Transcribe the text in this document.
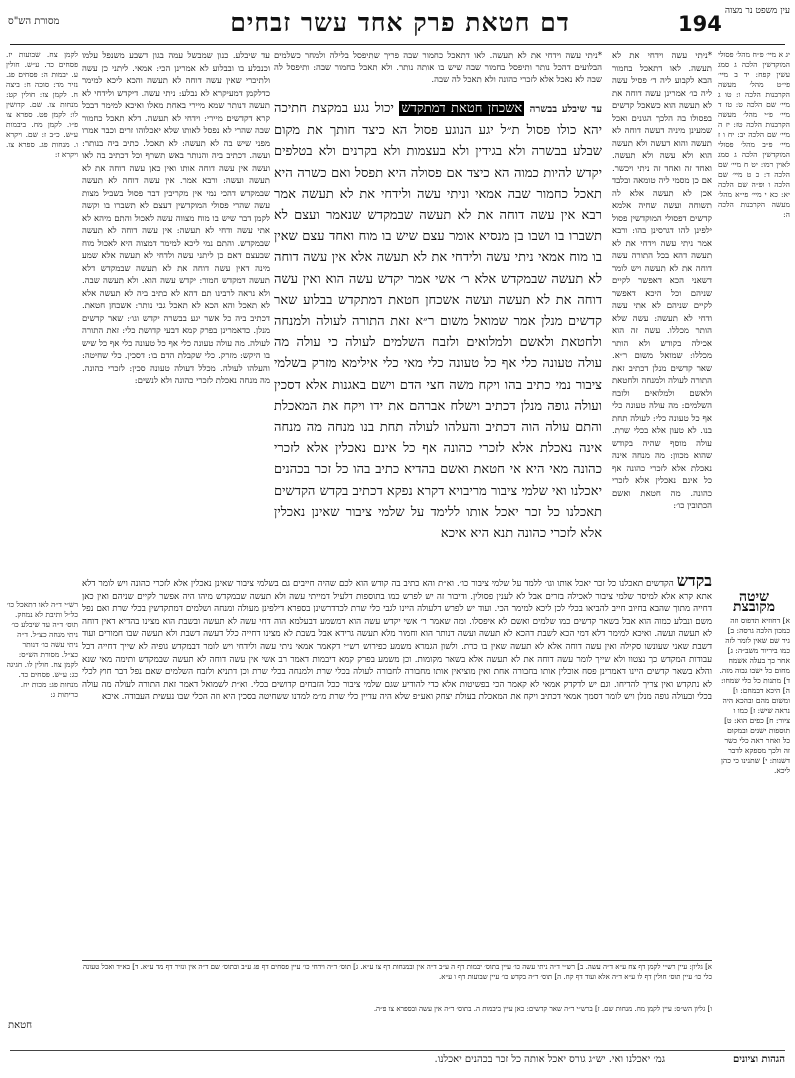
עין משפט נר מצוה
194
דם חטאת פרק אחד עשר זבחים
מסורת הש"ס
יג א מיי׳ פ״ח מהל׳ פסולי המוקדשין הלכה ג סמג עשין קפח: יד ב מיי׳ פי״ט מהל׳ מעשה הקרבנות הלכה ו: טו ג מיי׳ שם הלכה ט: טז ד מיי׳ פ״י מהל׳ מעשה הקרבנות הלכה טז: יז ה מיי׳ שם הלכה יב: יח ו ז מיי׳ פ״ב מהל׳ פסולי המוקדשין הלכה ג סמג לאוין רמו: יט ח מיי׳ שם הלכה ד: כ ט מיי׳ שם הלכה ו ופ״ה שם הלכה יא: כא י מיי׳ פי״א מהל׳ מעשה הקרבנות הלכה ה:
*ניתי עשה וידחי את לא תעשה. לאו דתאכל בחמור הבא לקבוע ליה ד׳ פסיל עשה ליה כו׳ אמרינן עשה דוחה את לא תעשה הוא כשאכל קדשים בפסולו בה הלכך הגונים ואכל שמעינן מיניה דעשה דוחה לא תעשה והוא דעשה ולא תעשה הוא ולא עשה ולא תעשה. ואחד זה ואחד זה ניתי ויכשר. אם כן מסמי ליה טומאה ובלבד אכן לא תעשה אלא לה תשוחה ועשה שחיה אלמא קדשים דפסולי המוקדשין פסול ילפינן להו דגרסינן בהו: ורבא אמר ניתי עשה וידחי את לא תעשה דהא בכל התורה עשה דוחה את לא תעשה ויש לומר דשאני הכא דאפשר לקיים שניהם וכל היכא דאפשר לקיים שניהם לא אתי עשה ודחי לא תעשה: עשה שלא הותר מכללו. עשה זה הוא אכילה בקודש ולא הותר מכללו: שמואל משום ר״א. שאר קדשים מנלן דכתיב זאת התורה לעולה ולמנחה ולחטאת ולאשם ולמלואים ולזבח השלמים: מה עולה טעונה כלי אף כל טעונה כלי: לעולה תחת בנו. לא טעון אלא בכלי שרת. עולה מוסף שהיה בקודש שהוא מכוון: מה מנחה אינה נאכלת אלא לזכרי כהונה אף כל אינם נאכלין אלא לזכרי כהונה. מה חטאת ואשם הכתובין כו׳:
*ניתי עשה וידחי את לא תעשה. לאו דתאכל כחמור שבה פריך שתיפסל בלילה ולמחר כשלמים הבלועים דהכל נותר ותיפסל בחמור שבה שיש בו אותה נותר. ולא תאכל כחמור שבה: ותיפסל לה שבה לא נאכל אלא לזכרי כהונה ולא תאכל לה שבה.
עד שיבלע בבשרה אשכחן חטאת דמתקדש יכול נגע במקצת חתיכה יהא כולו פסול ת״ל יגע הנוגע פסול הא כיצד חותך את מקום שבלע בבשרה ולא בגידין ולא בעצמות ולא בקרנים ולא בטלפים יקדש להיות כמוה הא כיצד אם פסולה היא תפסל ואם כשרה היא תאכל כחמור שבה אמאי וניתי עשה ולידחי את לא תעשה אמר רבא אין עשה דוחה את לא תעשה שבמקדש שנאמר ועצם לא תשברו בו ושבו בן מנסיא אומר עצם שיש בו מוח ואחד עצם שאין בו מוח אמאי ניתי עשה ולידחי את לא תעשה אלא אין עשה דוחה לא תעשה שבמקדש אלא ר׳ אשי אמר יקדש עשה הוא ואין עשה דוחה את לא תעשה ועשה אשכחן חטאת דמתקדש בבלוע שאר קדשים מנלן אמר שמואל משום ר״א זאת התורה לעולה ולמנחה ולחטאת ולאשם ולמלואים ולזבח השלמים לעולה כי עולה מה עולה טעונה כלי אף כל טעונה כלי מאי כלי אילימא מזרק בשלמי ציבור נמי כתיב בהו ויקח משה חצי הדם וישם באגנות אלא דסכין ועולה גופה מנלן דכתיב וישלח אברהם את ידו ויקח את המאכלת והתם עולה הוה דכתיב והעלהו לעולה תחת בנו מנחה מה מנחה אינה נאכלת אלא לזכרי כהונה אף כל אינם נאכלין אלא לזכרי כהונה מאי היא אי חטאת ואשם בהדיא כתיב בהו כל זכר בכהנים יאכלנו ואי שלמי ציבור מריבויא דקרא נפקא דכתיב בקדש הקדשים תאכלנו כל זכר יאכל אותו ללימד על שלמי ציבור שאינן נאכלין אלא לזכרי כהונה תנא היא איכא
עד שיבלע. כנון שמבשל עמה בגון דשבע משנפל עלמו וכנבלע בו ובבלוע לא אמרינן הכי: אמאי. ליתני כן עשה ולתיכרי שאין עשה דוחה לא תעשה והכא ליכא למימר כדלקמן דמעיקרא לא נבלע: ניתי עשה. דיקדש ולידחי לא תעשה דנותר שמא מיירי באחת מאלו ואיכא למימר דבכל קרא דקדשים מיירי: וידחי לא תעשה. דלא תאכל כחמור שבה שהרי לא נפסל לאותו שלא יאכלוהו זרים וכבר אמרו מפני שיש בה לא תעשה: לא תאכל. כתיב ביה בנותר: ועשה. דכתיב ביה והנותר באש תשרף וכל דכתיב בה לאו ועשה אין עשה דוחה אותו ואין כאן עשה דוחה את לא תעשה ועשה: ורבא אמר. אין עשה דוחה לא תעשה שבמקדש דהכי נמי אין מקריבין דבר פסול בשביל מצות עשה שהרי פסולי המוקדשין דעצם לא תשברו בו וקשה לקמן דבר שיש בו מוח מצווה עשה לאכול והתם מיהא לא אתי עשה ודחי לא תעשה: אין עשה דוחה לא תעשה שבמקדש. והתם נמי ליכא למימר דמצוה היא לאכול מוח שבעצם דאם כן ליתני עשה ולדחי לא תעשה אלא שמע מינה דאין עשה דוחה את לא תעשה שבמקדש דלא תעשה דמקדש חמור: יקדש עשה הוא. ולא תעשה שבה. ולא נראה לרבינו תם דהא לא כתיב ביה לא תעשה אלא לא תאכל והא הכא לא תאכל גבי נותר: אשכחן חטאת. דכתיב ביה כל אשר יגע בבשרה יקדש וגו׳: שאר קדשים מנלן. כדאמרינן בפרק קמא דבעי קדושת כלי: זאת התורה לעולה. מה עולה טעונה כלי אף כל טעונה כלי אף כל שיש בו היקש: מזרק. כלי שקבלת הדם בו: דסכין. כלי שחיטה: והעלהו לעולה. מכלל דעולה טעונה סכין: לזכרי כהונה. מה מנחה נאכלת לזכרי כהונה ולא לנשים:
לקמן צח. שבועות יז. פסחים כד. ע״ש. חולין ע. יבמות ה: פסחים פג. נזיר מד: סוכה ח: ביצה ח. לקמן צז: חולין קט: מנחות צו. שם. קדושין לו: לקמן פט. ספרא צו פ״ו. לקמן מח. ביבמות ע״ש. כ״ב ז: שם. ויקרא ו. מנחות פג. ספרא צו. ויקרא ז:
בקדש הקדשים תאכלנו כל זכר יאכל אותו וגו׳ ללמד על שלמי ציבור כו׳. וא״ת והא כתיב בה קודש הוא לכם שהיה חייבים גם בשלמי ציבור שאינן נאכלין אלא לזכרי כהונה ויש לומר דלא אתא קרא אלא למיסר שלמי ציבור לאכילה בזרים אבל לא לענין פסולין. ודיבור זה יש לפרש כמו בתוספות דלעיל דמייתי עשה ולא תעשה שבמקדש מיהו היה אפשר לקיים שניהם ואין כאן דחייה מתוך שהבא בחיוב חייב להביאו בכלי לכן ליכא למימר הכי. ועוד יש לפרש דלעולה היינו לגבי כלי שרת לכדדרשינן בספרא דילפינן מעולה ומנחה ושלמים דמתקדשין בכלי שרת ואם נפל משם ונבלע כמוה הוא אבל בשאר קדשים כמו שלמים ואשם לא איפסלו. ומה שאמר ר׳ אשי יקדש עשה הוא דמשמע דבעלמא הוה דחי עשה לא תעשה ובשבת הוא מצינו בהדיא דאין דוחה לא תעשה ועשה. ואיכא למימר דלא דמי הכא לשבת דהכא לא תעשה ועשה דנותר הוא וחמור מלא תעשה גרידא אבל בשבת לא מצינו דחייה כלל דעשה דשבת ולא תעשה שבו חמורים ועוד דשבת שאני שעונשו סקילה ואין עשה דוחה אלא לא תעשה שאין בו כרת. ולשון הגמרא משמע כפירוש רש״י דקאמר אמאי ניתי עשה ולידחי ויש לומר דבמקדש גופיה לא שייך דחייה דכל עבודות המקדש כך נצטוו ולא שייך לומר עשה דוחה את לא תעשה אלא בשאר מקומות. וכן משמע בפרק קמא דיבמות דאמר רב אשי אין עשה דוחה לא תעשה שבמקדש ותימה מאי שנא והלא בשאר קדשים היינו דאמרינן פסח אוכלין אותו בחבורה אחת ואין מוציאין אותו מחבורה לחבורה לעולה בכלי שרת ולמנחה בכלי שרת וכן דתניא ולזבח השלמים שאם נפל דבר חוץ לכלי לא נתקדש ואין צריך להדיחו. וגם יש לדקדק אמאי לא קאמר הכי בפשיטות אלא כדי להודיע שגם שלמי ציבור ככל הזבחים קדושים בכלי. וא״ת לשמואל דאמר זאת התורה לעולה מה עולה בכלי ובעולה גופה מנלן ויש לומר דסמך אמאי דכתיב ויקח את המאכלת בעולת יצחק ואע״פ שלא היה עדיין כלי שרת מ״מ למדנו ששחיטה בסכין היא וזה הכלי שבו נעשית העבודה. איכא
שיטה מקובצת
א] דחוזיא תדפוס וזה כמכון הלכה גרסה: ב] גיר שם שאין לומר לזה כמו ביריור משב״ה: ג] אחר כך בעלה אשמח מחום כל ישבו גבוה מזה. ד] מתנות כל כלי שמחו: ה] היכא דבמחם: ו] ומשום מהם ובהכא היה נראה שיש: ז] כמו ו ציור: ח] כפים הוא: ט] תוספות ישנים ובמקום כל ואחר ראה כלי כשר זה ולכך מספקא לדבר דשנות: י] שתנינו כי כהן ליכא.
רש״י ד״ה לאו דתאכל כו׳ כל״ל ותיבת לא נמחק. תוס׳ ד״ה עד שיבלע כו׳ ניתי מנחה כצ״ל. ד״ה ניתי עשה כו׳ דנותר כצ״ל. מסורת הש״ס: לקמן צח. חולין לו. חגיגה כג: ע״ש. פסחים כד. מנחות פג: מכות יח. כריתות ג:
א] גליון: עיין רש״י לקמן דף צח ע״א ד״ה עשה. ב] רש״י ד״ה ניתי עשה כו׳ עיין בתוס׳ יבמות דף ה ע״ב ד״ה אין ובמנחות דף צו ע״א. ג] תוס׳ ד״ה וידחי כו׳ עיין פסחים דף פג ע״ב ובתוס׳ שם ד״ה אין ונזיר דף מד ע״א. ד] בא״ד ואכל טעונה כלי כו׳ עיין תוס׳ חולין דף לו ע״א ד״ה אלא ועוד דף קח. ה] תוס׳ ד״ה בקדש כו׳ עיין שבועות דף ו ע״א.
ו] גליון הש״ס: עיין לקמן מח. מנחות שם. ז] ברש״י ד״ה שאר קדשים: כאן עיין ביבמות ה. בתוס׳ ד״ה אין עשה ובספרא צו פ״ה.
חטאת
הגהות וציונים
גמ׳ יאכלנו ואי. יש״ג גורס יאכל אותה כל זכר בכהנים יאכלנו.
